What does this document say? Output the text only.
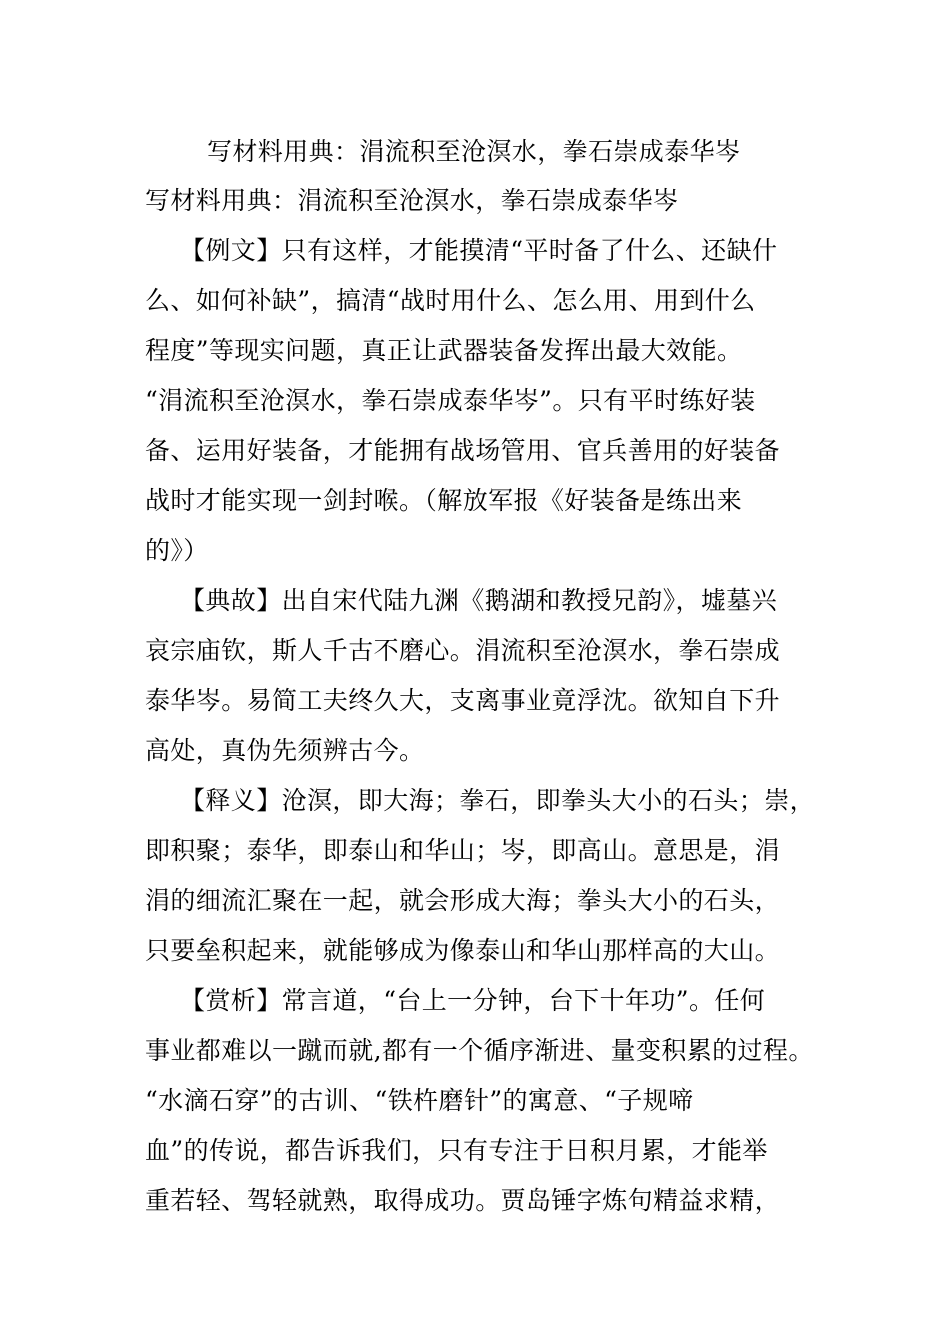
写材料用典：涓流积至沧溟水，拳石崇成泰华岑
写材料用典：涓流积至沧溟水，拳石崇成泰华岑
【例文】只有这样，才能摸清“平时备了什么、还缺什
么、如何补缺”，搞清“战时用什么、怎么用、用到什么
程度”等现实问题，真正让武器装备发挥出最大效能。
“涓流积至沧溟水，拳石崇成泰华岑”。只有平时练好装
备、运用好装备，才能拥有战场管用、官兵善用的好装备
战时才能实现一剑封喉。（解放军报《好装备是练出来
的》）
【典故】出自宋代陆九渊《鹅湖和教授兄韵》，墟墓兴
哀宗庙钦，斯人千古不磨心。涓流积至沧溟水，拳石崇成
泰华岑。易简工夫终久大，支离事业竟浮沈。欲知自下升
高处，真伪先须辨古今。
【释义】沧溟，即大海；拳石，即拳头大小的石头；崇，
即积聚；泰华，即泰山和华山；岑，即高山。意思是，涓
涓的细流汇聚在一起，就会形成大海；拳头大小的石头，
只要垒积起来，就能够成为像泰山和华山那样高的大山。
【赏析】常言道，“台上一分钟，台下十年功”。任何
事业都难以一蹴而就,都有一个循序渐进、量变积累的过程。
“水滴石穿”的古训、“铁杵磨针”的寓意、“子规啼
血”的传说，都告诉我们，只有专注于日积月累，才能举
重若轻、驾轻就熟，取得成功。贾岛锤字炼句精益求精，
